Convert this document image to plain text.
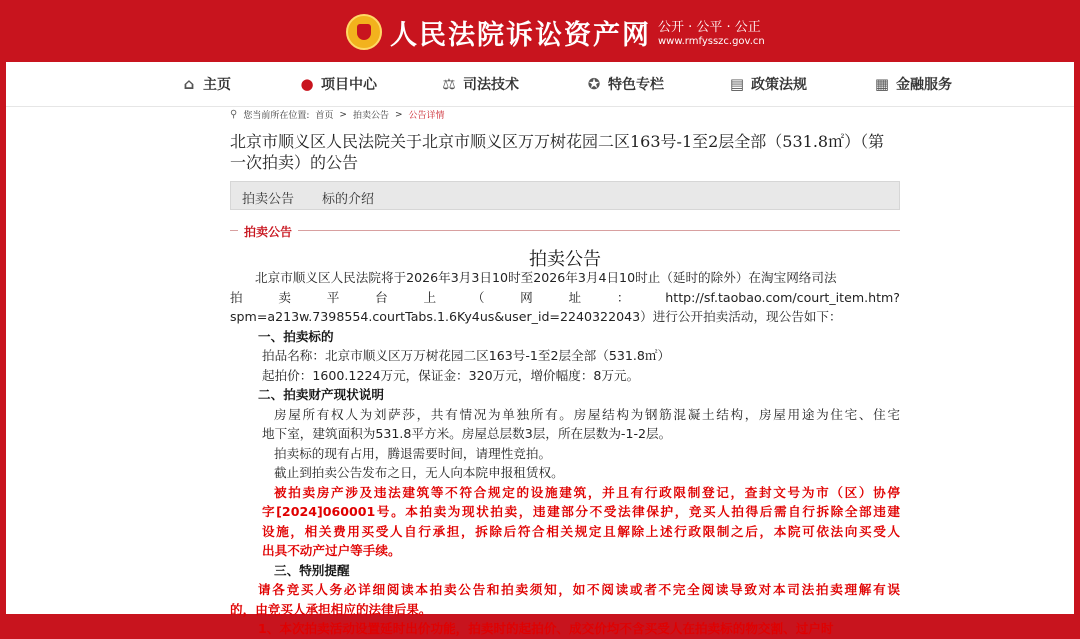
人民法院诉讼资产网 公开 · 公平 · 公正
www.rmfysszc.gov.cn
⌂ 主页	● 项目中心	⚖ 司法技术	✪ 特色专栏	▤ 政策法规	▦ 金融服务
⚲ 您当前所在位置: 首页 > 拍卖公告 > 公告详情
北京市顺义区人民法院关于北京市顺义区万万树花园二区163号-1至2层全部（531.8㎡）（第一次拍卖）的公告
拍卖公告 标的介绍
拍卖公告
拍卖公告

北京市顺义区人民法院将于2026年3月3日10时至2026年3月4日10时止（延时的除外）在淘宝网络司法

拍 卖 平 台 上 （ 网 址 ： http://sf.taobao.com/court_item.htm?

spm=a213w.7398554.courtTabs.1.6Ky4us&user_id=2240322043）进行公开拍卖活动，现公告如下：

一、拍卖标的

拍品名称：北京市顺义区万万树花园二区163号-1至2层全部（531.8㎡）

起拍价：1600.1224万元，保证金：320万元，增价幅度：8万元。

二、拍卖财产现状说明

房屋所有权人为刘萨莎，共有情况为单独所有。房屋结构为钢筋混凝土结构，房屋用途为住宅、住宅

地下室，建筑面积为531.8平方米。房屋总层数3层，所在层数为-1-2层。

拍卖标的现有占用，腾退需要时间，请理性竞拍。

截止到拍卖公告发布之日，无人向本院申报租赁权。

被拍卖房产涉及违法建筑等不符合规定的设施建筑，并且有行政限制登记，查封文号为市（区）协停

字[2024]060001号。本拍卖为现状拍卖，违建部分不受法律保护，竞买人拍得后需自行拆除全部违建

设施，相关费用买受人自行承担，拆除后符合相关规定且解除上述行政限制之后，本院可依法向买受人

出具不动产过户等手续。

三、特别提醒

请各竞买人务必详细阅读本拍卖公告和拍卖须知，如不阅读或者不完全阅读导致对本司法拍卖理解有误

的，由竞买人承担相应的法律后果。

1、本次拍卖活动设置延时出价功能，拍卖时的起拍价、成交价均不含买受人在拍卖标的物交割、过户时
